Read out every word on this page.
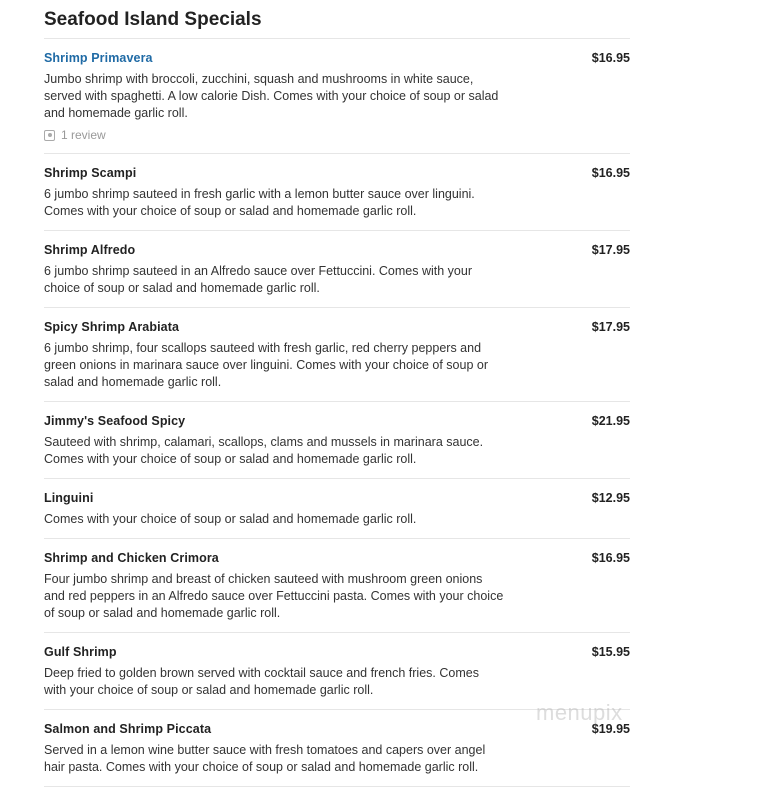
Seafood Island Specials
Shrimp Primavera	$16.95
Jumbo shrimp with broccoli, zucchini, squash and mushrooms in white sauce, served with spaghetti. A low calorie Dish. Comes with your choice of soup or salad and homemade garlic roll.
1 review
Shrimp Scampi	$16.95
6 jumbo shrimp sauteed in fresh garlic with a lemon butter sauce over linguini. Comes with your choice of soup or salad and homemade garlic roll.
Shrimp Alfredo	$17.95
6 jumbo shrimp sauteed in an Alfredo sauce over Fettuccini. Comes with your choice of soup or salad and homemade garlic roll.
Spicy Shrimp Arabiata	$17.95
6 jumbo shrimp, four scallops sauteed with fresh garlic, red cherry peppers and green onions in marinara sauce over linguini. Comes with your choice of soup or salad and homemade garlic roll.
Jimmy's Seafood Spicy	$21.95
Sauteed with shrimp, calamari, scallops, clams and mussels in marinara sauce. Comes with your choice of soup or salad and homemade garlic roll.
Linguini	$12.95
Comes with your choice of soup or salad and homemade garlic roll.
Shrimp and Chicken Crimora	$16.95
Four jumbo shrimp and breast of chicken sauteed with mushroom green onions and red peppers in an Alfredo sauce over Fettuccini pasta. Comes with your choice of soup or salad and homemade garlic roll.
Gulf Shrimp	$15.95
Deep fried to golden brown served with cocktail sauce and french fries. Comes with your choice of soup or salad and homemade garlic roll.
Salmon and Shrimp Piccata	$19.95
Served in a lemon wine butter sauce with fresh tomatoes and capers over angel hair pasta. Comes with your choice of soup or salad and homemade garlic roll.
menupix
